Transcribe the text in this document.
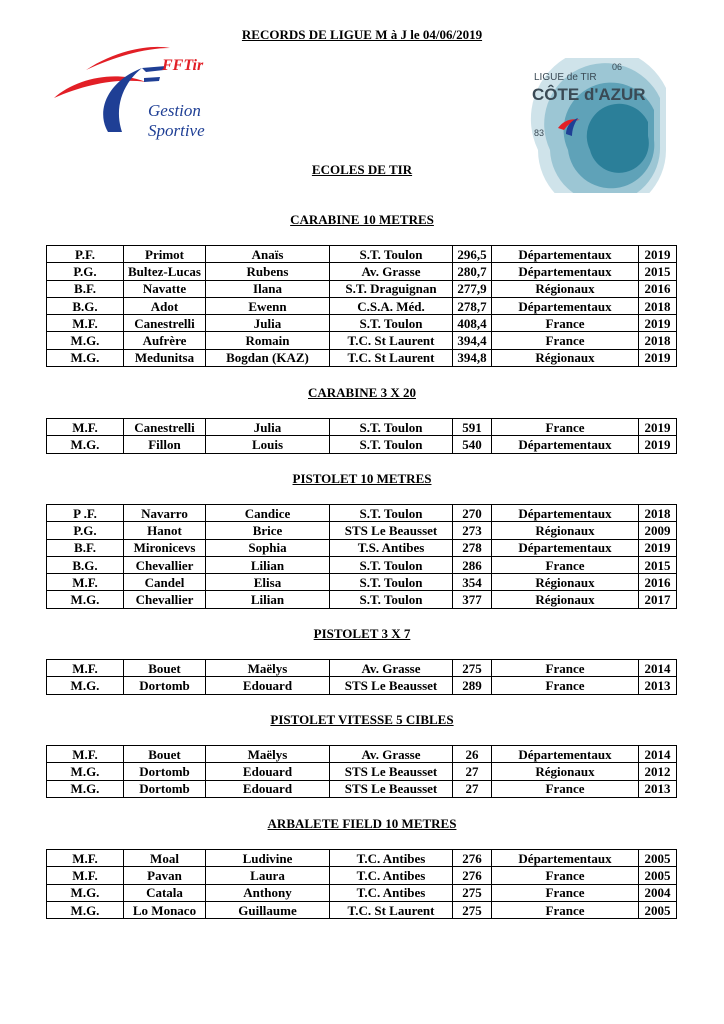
RECORDS DE LIGUE M à J le 04/06/2019
FFTir
Gestion
Sportive
LIGUE de TIR
CÔTE d'AZUR
06
83
ECOLES DE TIR
CARABINE 10 METRES
P.F.	Primot	Anaïs	S.T. Toulon	296,5	Départementaux	2019
P.G.	Bultez-Lucas	Rubens	Av. Grasse	280,7	Départementaux	2015
B.F.	Navatte	Ilana	S.T. Draguignan	277,9	Régionaux	2016
B.G.	Adot	Ewenn	C.S.A. Méd.	278,7	Départementaux	2018
M.F.	Canestrelli	Julia	S.T. Toulon	408,4	France	2019
M.G.	Aufrère	Romain	T.C. St Laurent	394,4	France	2018
M.G.	Medunitsa	Bogdan (KAZ)	T.C. St Laurent	394,8	Régionaux	2019
CARABINE 3 X 20
M.F.	Canestrelli	Julia	S.T. Toulon	591	France	2019
M.G.	Fillon	Louis	S.T. Toulon	540	Départementaux	2019
PISTOLET 10 METRES
P .F.	Navarro	Candice	S.T. Toulon	270	Départementaux	2018
P.G.	Hanot	Brice	STS Le Beausset	273	Régionaux	2009
B.F.	Mironicevs	Sophia	T.S. Antibes	278	Départementaux	2019
B.G.	Chevallier	Lilian	S.T. Toulon	286	France	2015
M.F.	Candel	Elisa	S.T. Toulon	354	Régionaux	2016
M.G.	Chevallier	Lilian	S.T. Toulon	377	Régionaux	2017
PISTOLET 3 X 7
M.F.	Bouet	Maëlys	Av. Grasse	275	France	2014
M.G.	Dortomb	Edouard	STS Le Beausset	289	France	2013
PISTOLET VITESSE 5 CIBLES
M.F.	Bouet	Maëlys	Av. Grasse	26	Départementaux	2014
M.G.	Dortomb	Edouard	STS Le Beausset	27	Régionaux	2012
M.G.	Dortomb	Edouard	STS Le Beausset	27	France	2013
ARBALETE FIELD 10 METRES
M.F.	Moal	Ludivine	T.C. Antibes	276	Départementaux	2005
M.F.	Pavan	Laura	T.C. Antibes	276	France	2005
M.G.	Catala	Anthony	T.C. Antibes	275	France	2004
M.G.	Lo Monaco	Guillaume	T.C. St Laurent	275	France	2005
